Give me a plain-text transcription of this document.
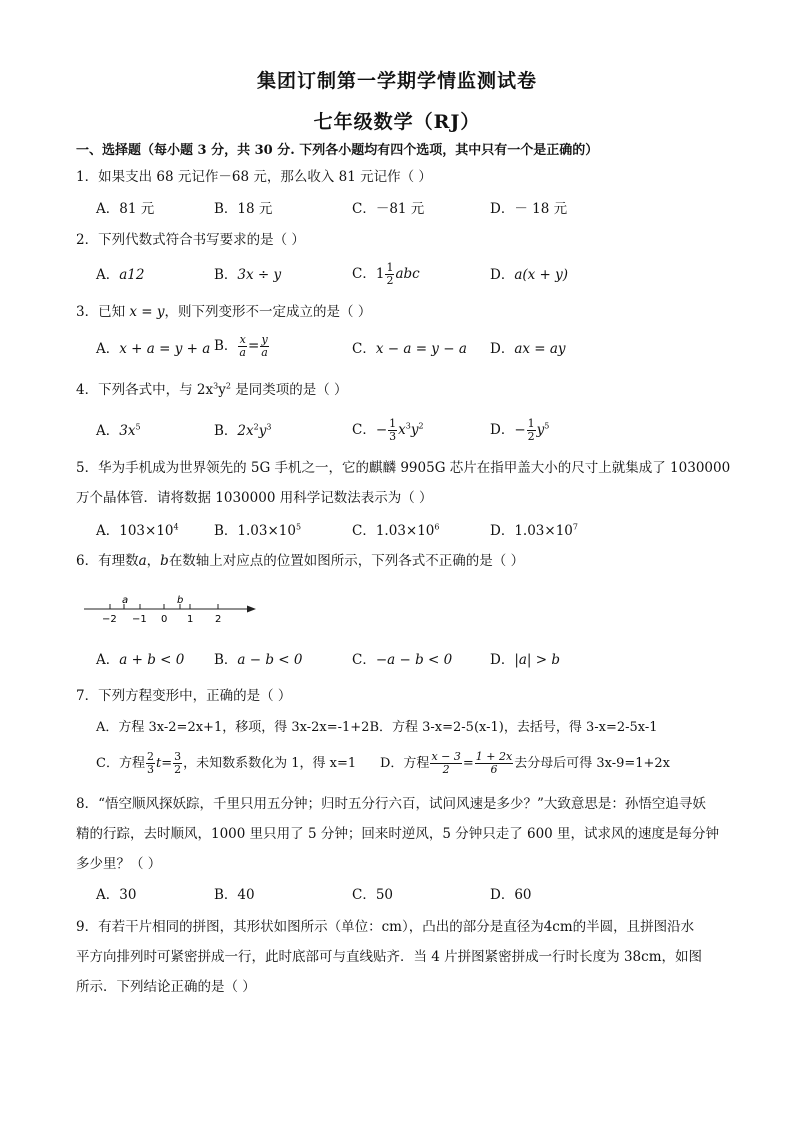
集团订制第一学期学情监测试卷
七年级数学（RJ）
一、选择题（每小题 3 分，共 30 分. 下列各小题均有四个选项，其中只有一个是正确的）
1．如果支出 68 元记作－68 元，那么收入 81 元记作（ ）
A．81 元	B．18 元	C．－81 元	D．－ 18 元
2．下列代数式符合书写要求的是（ ）
A．a12	B．3x ÷ y	C．$1 \frac{1}{2}$ abc	D．a(x + y)
3．已知 x = y，则下列变形不一定成立的是（ ）
A．x + a = y + a B． $\frac{x}{a} = \frac{y}{a}$	C．x − a = y − a D．ax = ay
4．下列各式中，与 $2x^3y^2$ 是同类项的是（ ）
A．$3x^5$	B．$2x^2y^3$	C．− $\frac{1}{3} x^3y^2$	D．− $\frac{1}{2} y^5$
5．华为手机成为世界领先的 5G 手机之一，它的麒麟 9905G 芯片在指甲盖大小的尺寸上就集成了 1030000
万个晶体管．请将数据 1030000 用科学记数法表示为（ ）
A．$103\times 10^4$	B．$1.03\times 10^5$	C．$1.03\times 10^6$	D．$1.03\times 10^7$
6．有理数a，b在数轴上对应点的位置如图所示，下列各式不正确的是（ ）
a	b
−2 −1 0 1 2
A．a + b < 0 B．a − b < 0	C．−a − b < 0	D．|a| > b
7．下列方程变形中，正确的是（ ）
A．方程 3x-2=2x+1，移项，得 3x-2x=-1+2B．方程 3-x=2-5(x-1)，去括号，得 3-x=2-5x-1
C．方程 $\frac{2}{3} t= \frac{3}{2}$ ，未知数系数化为 1，得 x=1 D．方程 $\frac{x - 3}{2} = \frac{1 + 2x}{6}$ 去分母后可得 3x-9=1+2x
8．“悟空顺风探妖踪，千里只用五分钟；归时五分行六百，试问风速是多少？”大致意思是：孙悟空追寻妖
精的行踪，去时顺风，1000 里只用了 5 分钟；回来时逆风，5 分钟只走了 600 里，试求风的速度是每分钟
多少里？（ ）
A．30	B．40	C．50	D．60
9．有若干片相同的拼图，其形状如图所示（单位：cm），凸出的部分是直径为4cm的半圆，且拼图沿水
平方向排列时可紧密拼成一行，此时底部可与直线贴齐．当 4 片拼图紧密拼成一行时长度为 38cm，如图
所示．下列结论正确的是（ ）
